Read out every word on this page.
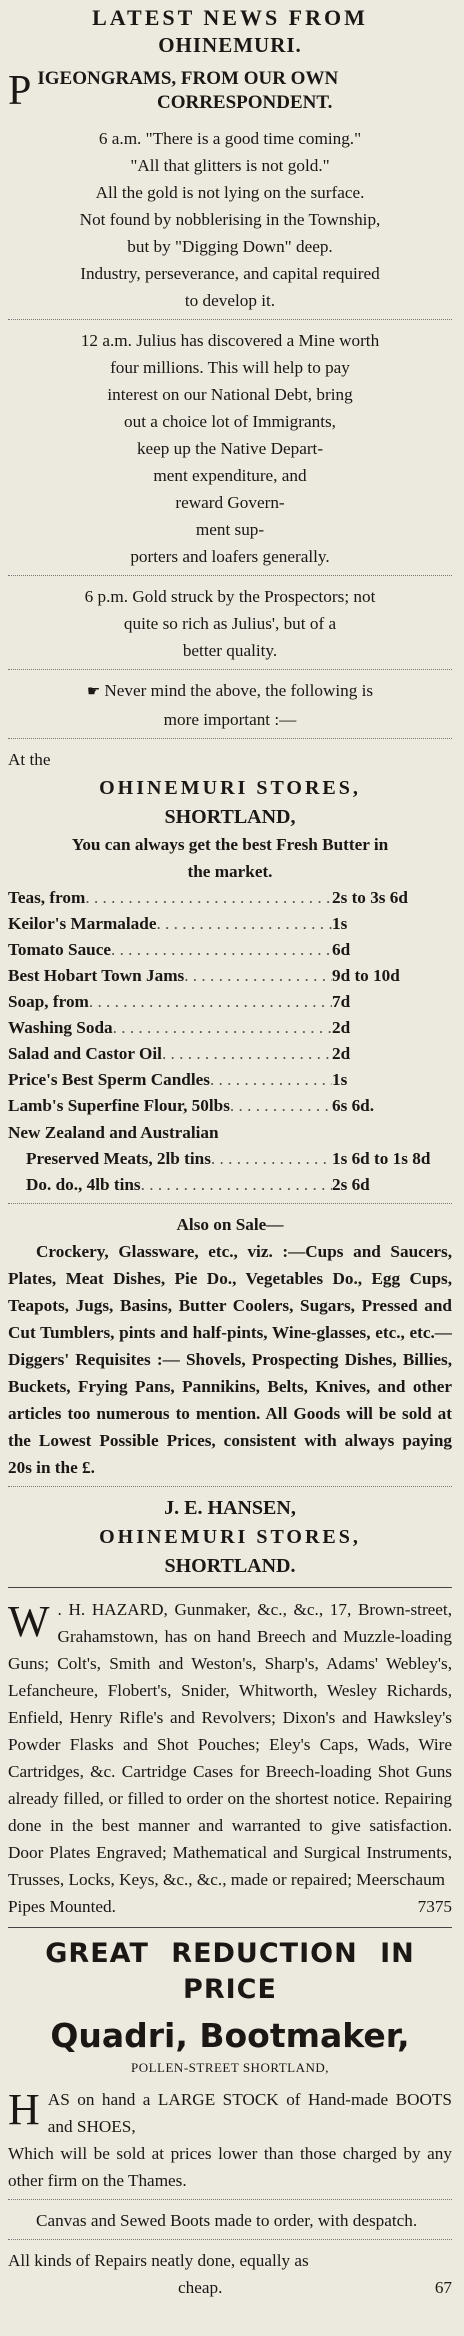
LATEST NEWS FROM
OHINEMURI.
P IGEONGRAMS, FROM OUR OWN
CORRESPONDENT.

6 a.m. "There is a good time coming."

"All that glitters is not gold."

All the gold is not lying on the surface.

Not found by nobblerising in the Township,

but by "Digging Down" deep.

Industry, perseverance, and capital required

to develop it.

12 a.m. Julius has discovered a Mine worth

four millions. This will help to pay

interest on our National Debt, bring

out a choice lot of Immigrants,

keep up the Native Depart-

ment expenditure, and

reward Govern-

ment sup-

porters and loafers generally.

6 p.m. Gold struck by the Prospectors; not

quite so rich as Julius', but of a

better quality.

☛ Never mind the above, the following is

more important :—

At the

OHINEMURI STORES,
SHORTLAND,

You can always get the best Fresh Butter in

the market.

Teas, from . . .	2s to 3s 6d
Keilor's Marmalade . . .	1s
Tomato Sauce . . .	6d
Best Hobart Town Jams . . .	9d to 10d
Soap, from . . .	7d
Washing Soda . . .	2d
Salad and Castor Oil . . .	2d
Price's Best Sperm Candles . . .	1s
Lamb's Superfine Flour, 50lbs . . .	6s 6d.

New Zealand and Australian

Preserved Meats, 2lb tins . . .	1s 6d to 1s 8d
Do. do., 4lb tins . . .	2s 6d

Also on Sale—

Crockery, Glassware, etc., viz. :—Cups and Saucers, Plates, Meat Dishes, Pie Do., Vegetables Do., Egg Cups, Teapots, Jugs, Basins, Butter Coolers, Sugars, Pressed and Cut Tumblers, pints and half-pints, Wine-glasses, etc., etc.—Diggers' Requisites :— Shovels, Prospecting Dishes, Billies, Buckets, Frying Pans, Pannikins, Belts, Knives, and other articles too numerous to mention. All Goods will be sold at the Lowest Possible Prices, consistent with always paying 20s in the £.

J. E. HANSEN,
OHINEMURI STORES,
SHORTLAND.

W . H. HAZARD, Gunmaker, &c., &c., 17, Brown-street, Grahamstown, has on hand Breech and Muzzle-loading Guns; Colt's, Smith and Weston's, Sharp's, Adams' Webley's, Lefancheure, Flobert's, Snider, Whitworth, Wesley Richards, Enfield, Henry Rifle's and Revolvers; Dixon's and Hawksley's Powder Flasks and Shot Pouches; Eley's Caps, Wads, Wire Cartridges, &c. Cartridge Cases for Breech-loading Shot Guns already filled, or filled to order on the shortest notice. Repairing done in the best manner and warranted to give satisfaction. Door Plates Engraved; Mathematical and Surgical Instruments, Trusses, Locks, Keys, &c., &c., made or repaired; Meerschaum

Pipes Mounted.	7375
GREAT REDUCTION IN PRICE
Quadri, Bootmaker,
POLLEN-STREET SHORTLAND,

HAS on hand a LARGE STOCK of Hand-made BOOTS and SHOES,

Which will be sold at prices lower than those charged by any other firm on the Thames.

Canvas and Sewed Boots made to order, with despatch.

All kinds of Repairs neatly done, equally as

cheap.	67
